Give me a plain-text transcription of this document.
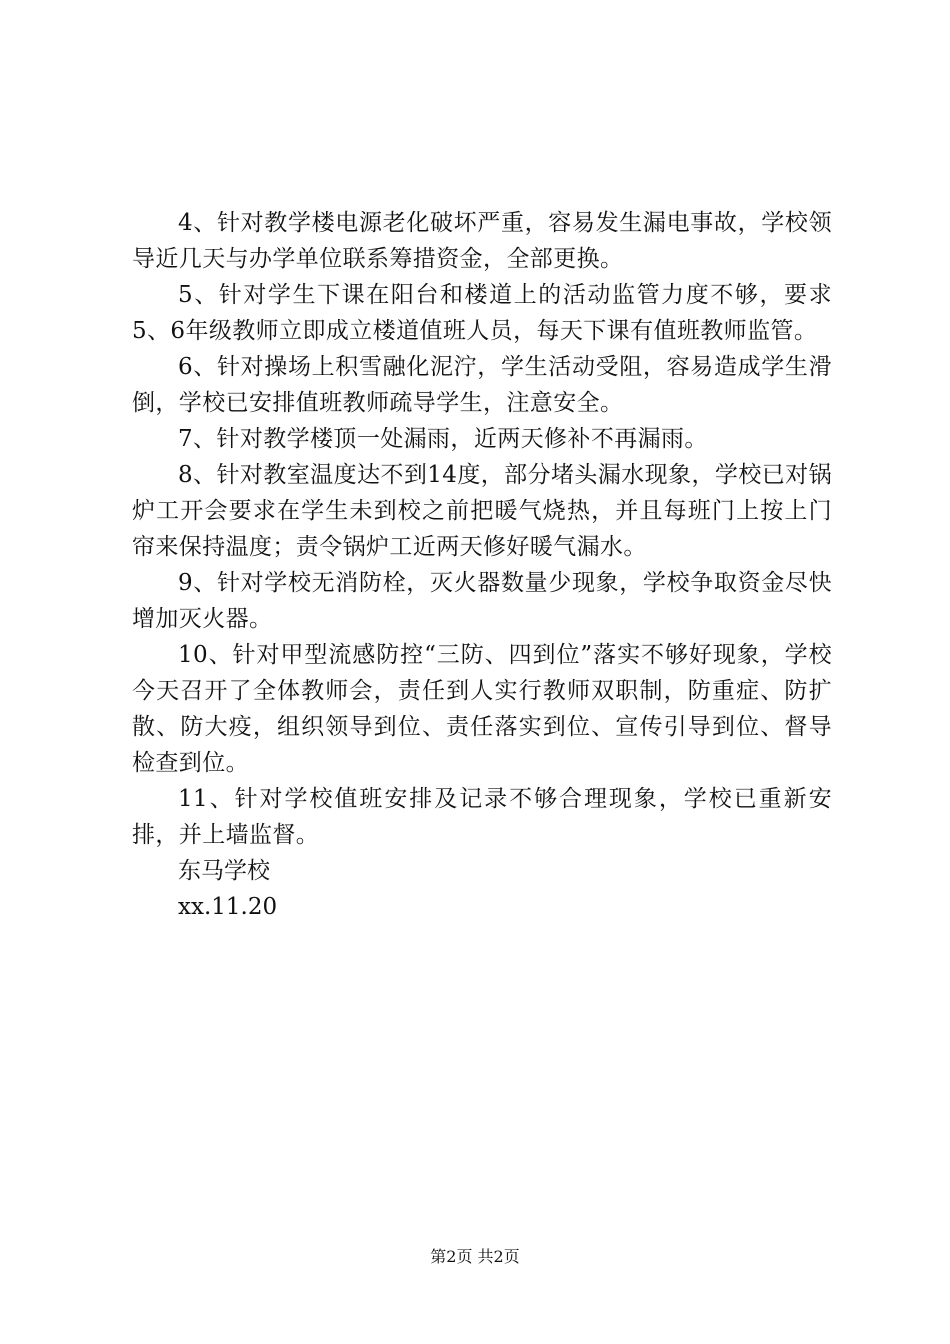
4、针对教学楼电源老化破坏严重，容易发生漏电事故，学校领导近几天与办学单位联系筹措资金，全部更换。

5、针对学生下课在阳台和楼道上的活动监管力度不够，要求5、6年级教师立即成立楼道值班人员，每天下课有值班教师监管。

6、针对操场上积雪融化泥泞，学生活动受阻，容易造成学生滑倒，学校已安排值班教师疏导学生，注意安全。

7、针对教学楼顶一处漏雨，近两天修补不再漏雨。

8、针对教室温度达不到14度，部分堵头漏水现象，学校已对锅炉工开会要求在学生未到校之前把暖气烧热，并且每班门上按上门帘来保持温度；责令锅炉工近两天修好暖气漏水。

9、针对学校无消防栓，灭火器数量少现象，学校争取资金尽快增加灭火器。

10、针对甲型流感防控“三防、四到位”落实不够好现象，学校今天召开了全体教师会，责任到人实行教师双职制，防重症、防扩散、防大疫，组织领导到位、责任落实到位、宣传引导到位、督导检查到位。

11、针对学校值班安排及记录不够合理现象，学校已重新安排，并上墙监督。

东马学校

xx.11.20

第2页 共2页
